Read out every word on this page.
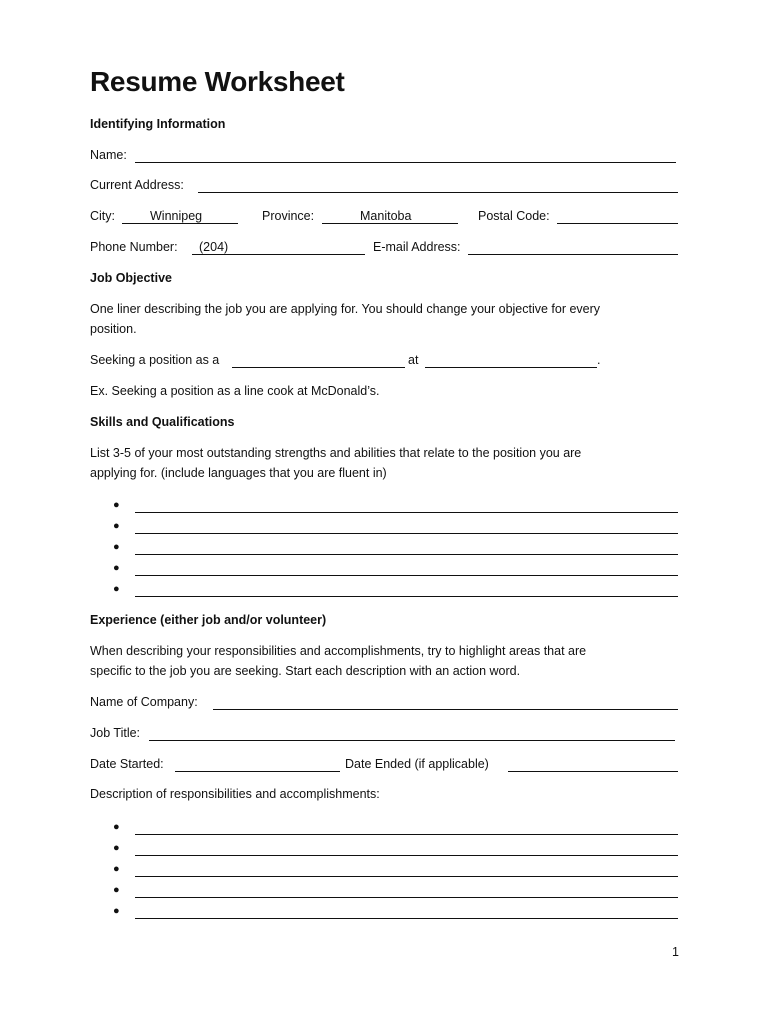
Resume Worksheet
Identifying Information
Name:
Current Address:
City:	Winnipeg	Province:	Manitoba	Postal Code:
Phone Number: (204)	E-mail Address:
Job Objective
One liner describing the job you are applying for. You should change your objective for every
position.
Seeking a position as a	at	.
Ex. Seeking a position as a line cook at McDonald’s.
Skills and Qualifications
List 3-5 of your most outstanding strengths and abilities that relate to the position you are
applying for. (include languages that you are fluent in)
●
●
●
●
●
Experience (either job and/or volunteer)
When describing your responsibilities and accomplishments, try to highlight areas that are
specific to the job you are seeking. Start each description with an action word.
Name of Company:
Job Title:
Date Started:	Date Ended (if applicable)
Description of responsibilities and accomplishments:
●
●
●
●
●
1
